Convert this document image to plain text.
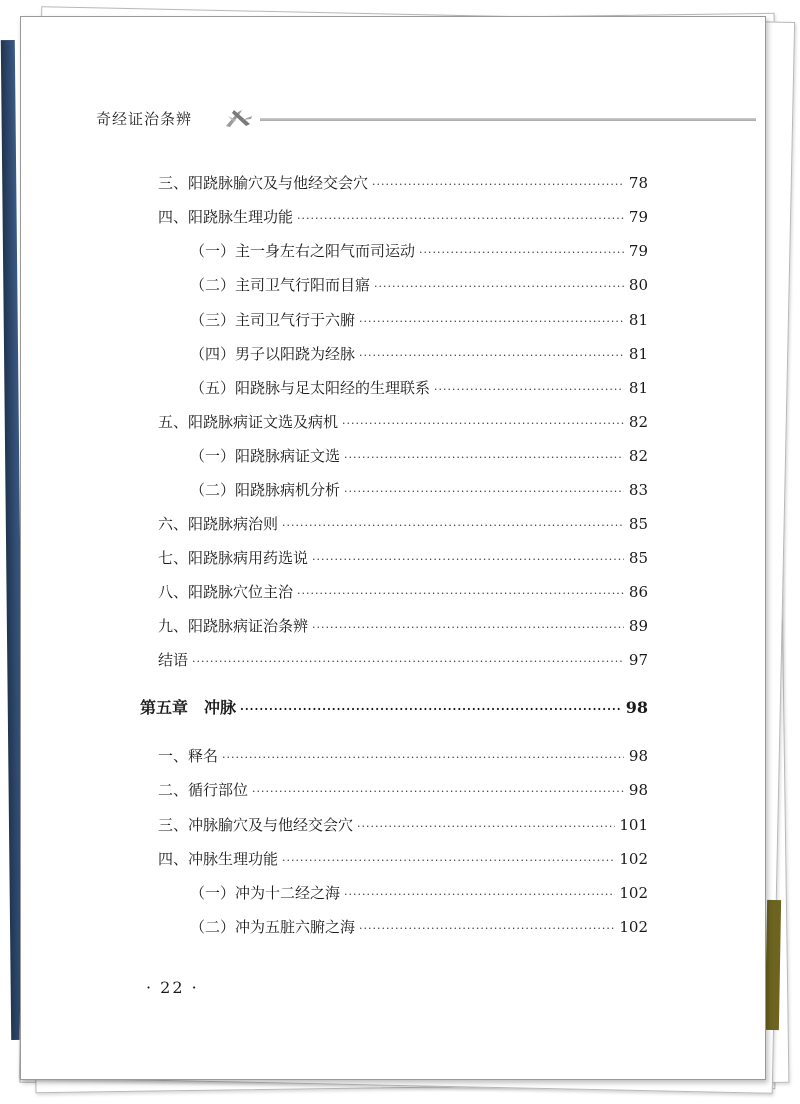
奇经证治条辨
三、阳跷脉腧穴及与他经交会穴 ·····	78
四、阳跷脉生理功能 ·····	79
（一）主一身左右之阳气而司运动 ·····	79
（二）主司卫气行阳而目寤 ·····	80
（三）主司卫气行于六腑 ·····	81
（四）男子以阳跷为经脉 ·····	81
（五）阳跷脉与足太阳经的生理联系 ·····	81
五、阳跷脉病证文选及病机 ·····	82
（一）阳跷脉病证文选 ·····	82
（二）阳跷脉病机分析 ·····	83
六、阳跷脉病治则 ·····	85
七、阳跷脉病用药选说 ·····	85
八、阳跷脉穴位主治 ·····	86
九、阳跷脉病证治条辨 ·····	89
结语 ·····	97
第五章　冲脉 ·····	98
一、释名 ·····	98
二、循行部位 ·····	98
三、冲脉腧穴及与他经交会穴 ·····	101
四、冲脉生理功能 ·····	102
（一）冲为十二经之海 ·····	102
（二）冲为五脏六腑之海 ·····	102
· 22 ·
